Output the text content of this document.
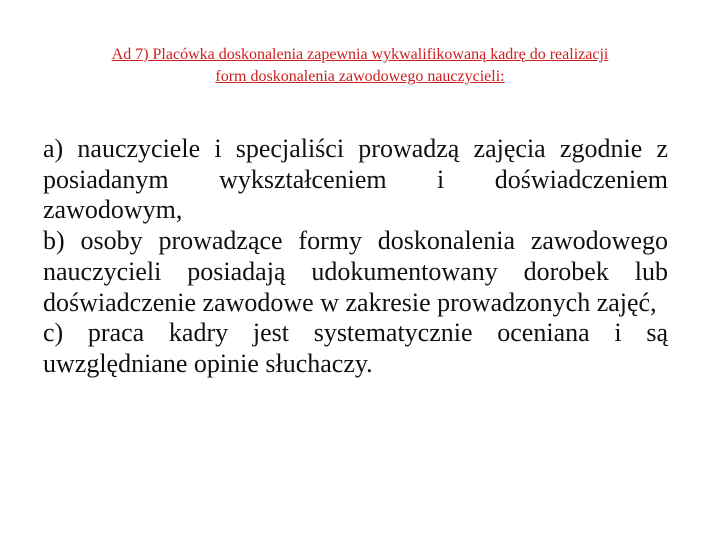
Ad 7) Placówka doskonalenia zapewnia wykwalifikowaną kadrę do realizacji
form doskonalenia zawodowego nauczycieli:
a) nauczyciele i specjaliści prowadzą zajęcia zgodnie z posiadanym wykształceniem i doświadczeniem zawodowym,
b) osoby prowadzące formy doskonalenia zawodowego nauczycieli posiadają udokumentowany dorobek lub doświadczenie zawodowe w zakresie prowadzonych zajęć,
c) praca kadry jest systematycznie oceniana i są uwzględniane opinie słuchaczy.
